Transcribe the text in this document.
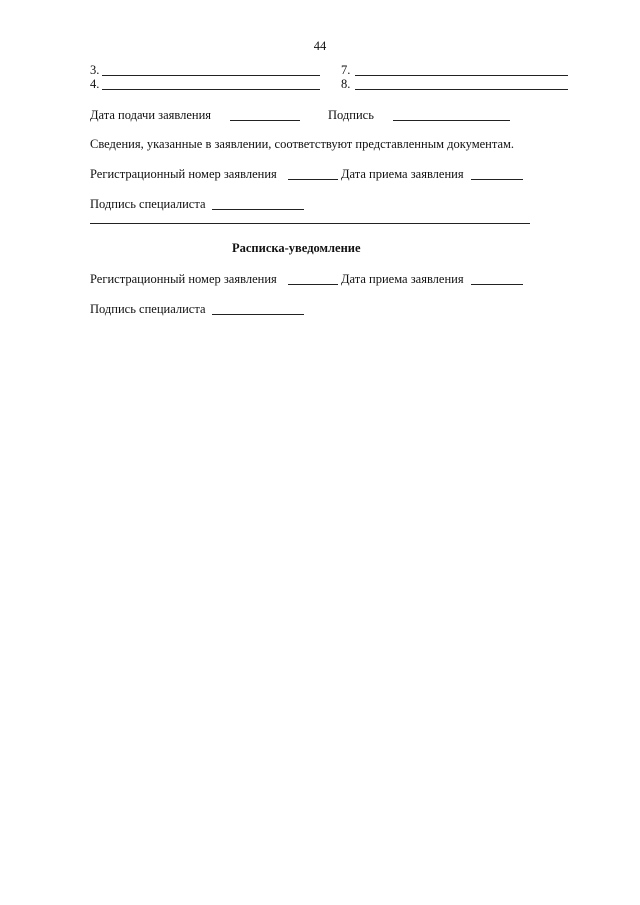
44
3.
4.
7.
8.
Дата подачи заявления	Подпись
Сведения, указанные в заявлении, соответствуют представленным документам.
Регистрационный номер заявления	Дата приема заявления
Подпись специалиста
Расписка-уведомление
Регистрационный номер заявления	Дата приема заявления
Подпись специалиста
